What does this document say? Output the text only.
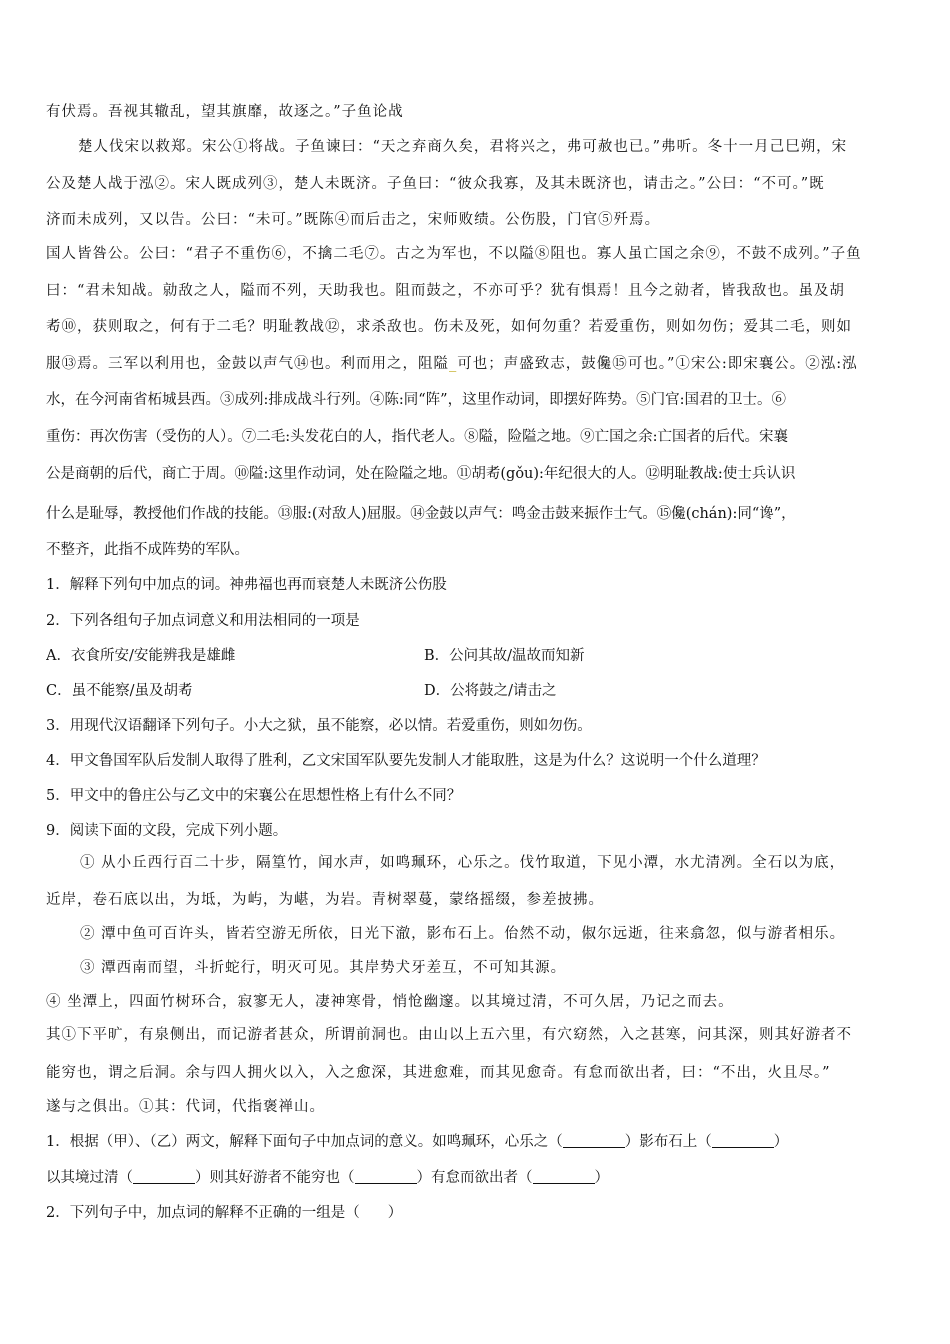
有伏焉。吾视其辙乱，望其旗靡，故逐之。”子鱼论战
楚人伐宋以救郑。宋公①将战。子鱼谏曰：“天之弃商久矣，君将兴之，弗可赦也已。”弗听。冬十一月己巳朔，宋
公及楚人战于泓②。宋人既成列③，楚人未既济。子鱼曰：“彼众我寡，及其未既济也，请击之。”公曰：“不可。”既
济而未成列，又以告。公曰：“未可。”既陈④而后击之，宋师败绩。公伤股，门官⑤歼焉。
国人皆咎公。公曰：“君子不重伤⑥，不擒二毛⑦。古之为军也，不以隘⑧阻也。寡人虽亡国之余⑨，不鼓不成列。”子鱼
曰：“君未知战。勍敌之人，隘而不列，天助我也。阻而鼓之，不亦可乎？犹有惧焉！且今之勍者，皆我敌也。虽及胡
耇⑩，获则取之，何有于二毛？明耻教战⑫，求杀敌也。伤未及死，如何勿重？若爱重伤，则如勿伤；爱其二毛，则如
服⑬焉。三军以利用也，金鼓以声气⑭也。利而用之，阻隘_可也；声盛致志，鼓儳⑮可也。”①宋公:即宋襄公。②泓:泓
水，在今河南省柘城县西。③成列:排成战斗行列。④陈:同“阵”，这里作动词，即摆好阵势。⑤门官:国君的卫士。⑥
重伤：再次伤害（受伤的人）。⑦二毛:头发花白的人，指代老人。⑧隘，险隘之地。⑨亡国之余:亡国者的后代。宋襄
公是商朝的后代，商亡于周。⑩隘:这里作动词，处在险隘之地。⑪胡耇(gǒu):年纪很大的人。⑫明耻教战:使士兵认识
什么是耻辱，教授他们作战的技能。⑬服:(对敌人)屈服。⑭金鼓以声气：鸣金击鼓来振作士气。⑮儳(chán):同“谗”，
不整齐，此指不成阵势的军队。
1．解释下列句中加点的词。神弗福也再而衰楚人未既济公伤股
2．下列各组句子加点词意义和用法相同的一项是
A．衣食所安/安能辨我是雄雌	B．公问其故/温故而知新
C．虽不能察/虽及胡耇	D．公将鼓之/请击之
3．用现代汉语翻译下列句子。小大之狱，虽不能察，必以情。若爱重伤，则如勿伤。
4．甲文鲁国军队后发制人取得了胜利，乙文宋国军队要先发制人才能取胜，这是为什么？这说明一个什么道理？
5．甲文中的鲁庄公与乙文中的宋襄公在思想性格上有什么不同？
9．阅读下面的文段，完成下列小题。
① 从小丘西行百二十步，隔篁竹，闻水声，如鸣珮环，心乐之。伐竹取道，下见小潭，水尤清冽。全石以为底，
近岸，卷石底以出，为坻，为屿，为嵁，为岩。青树翠蔓，蒙络摇缀，参差披拂。
② 潭中鱼可百许头，皆若空游无所依，日光下澈，影布石上。佁然不动，俶尔远逝，往来翕忽，似与游者相乐。
③ 潭西南而望，斗折蛇行，明灭可见。其岸势犬牙差互，不可知其源。
④ 坐潭上，四面竹树环合，寂寥无人，凄神寒骨，悄怆幽邃。以其境过清，不可久居，乃记之而去。
其①下平旷，有泉侧出，而记游者甚众，所谓前洞也。由山以上五六里，有穴窈然，入之甚寒，问其深，则其好游者不
能穷也，谓之后洞。余与四人拥火以入，入之愈深，其进愈难，而其见愈奇。有怠而欲出者，曰：“不出，火且尽。”
遂与之俱出。①其：代词，代指褒禅山。
1．根据（甲）、（乙）两文，解释下面句子中加点词的意义。如鸣珮环，心乐之（	）影布石上（	）
以其境过清（	）则其好游者不能穷也（	）有怠而欲出者（	）
2．下列句子中，加点词的解释不正确的一组是（ ）
